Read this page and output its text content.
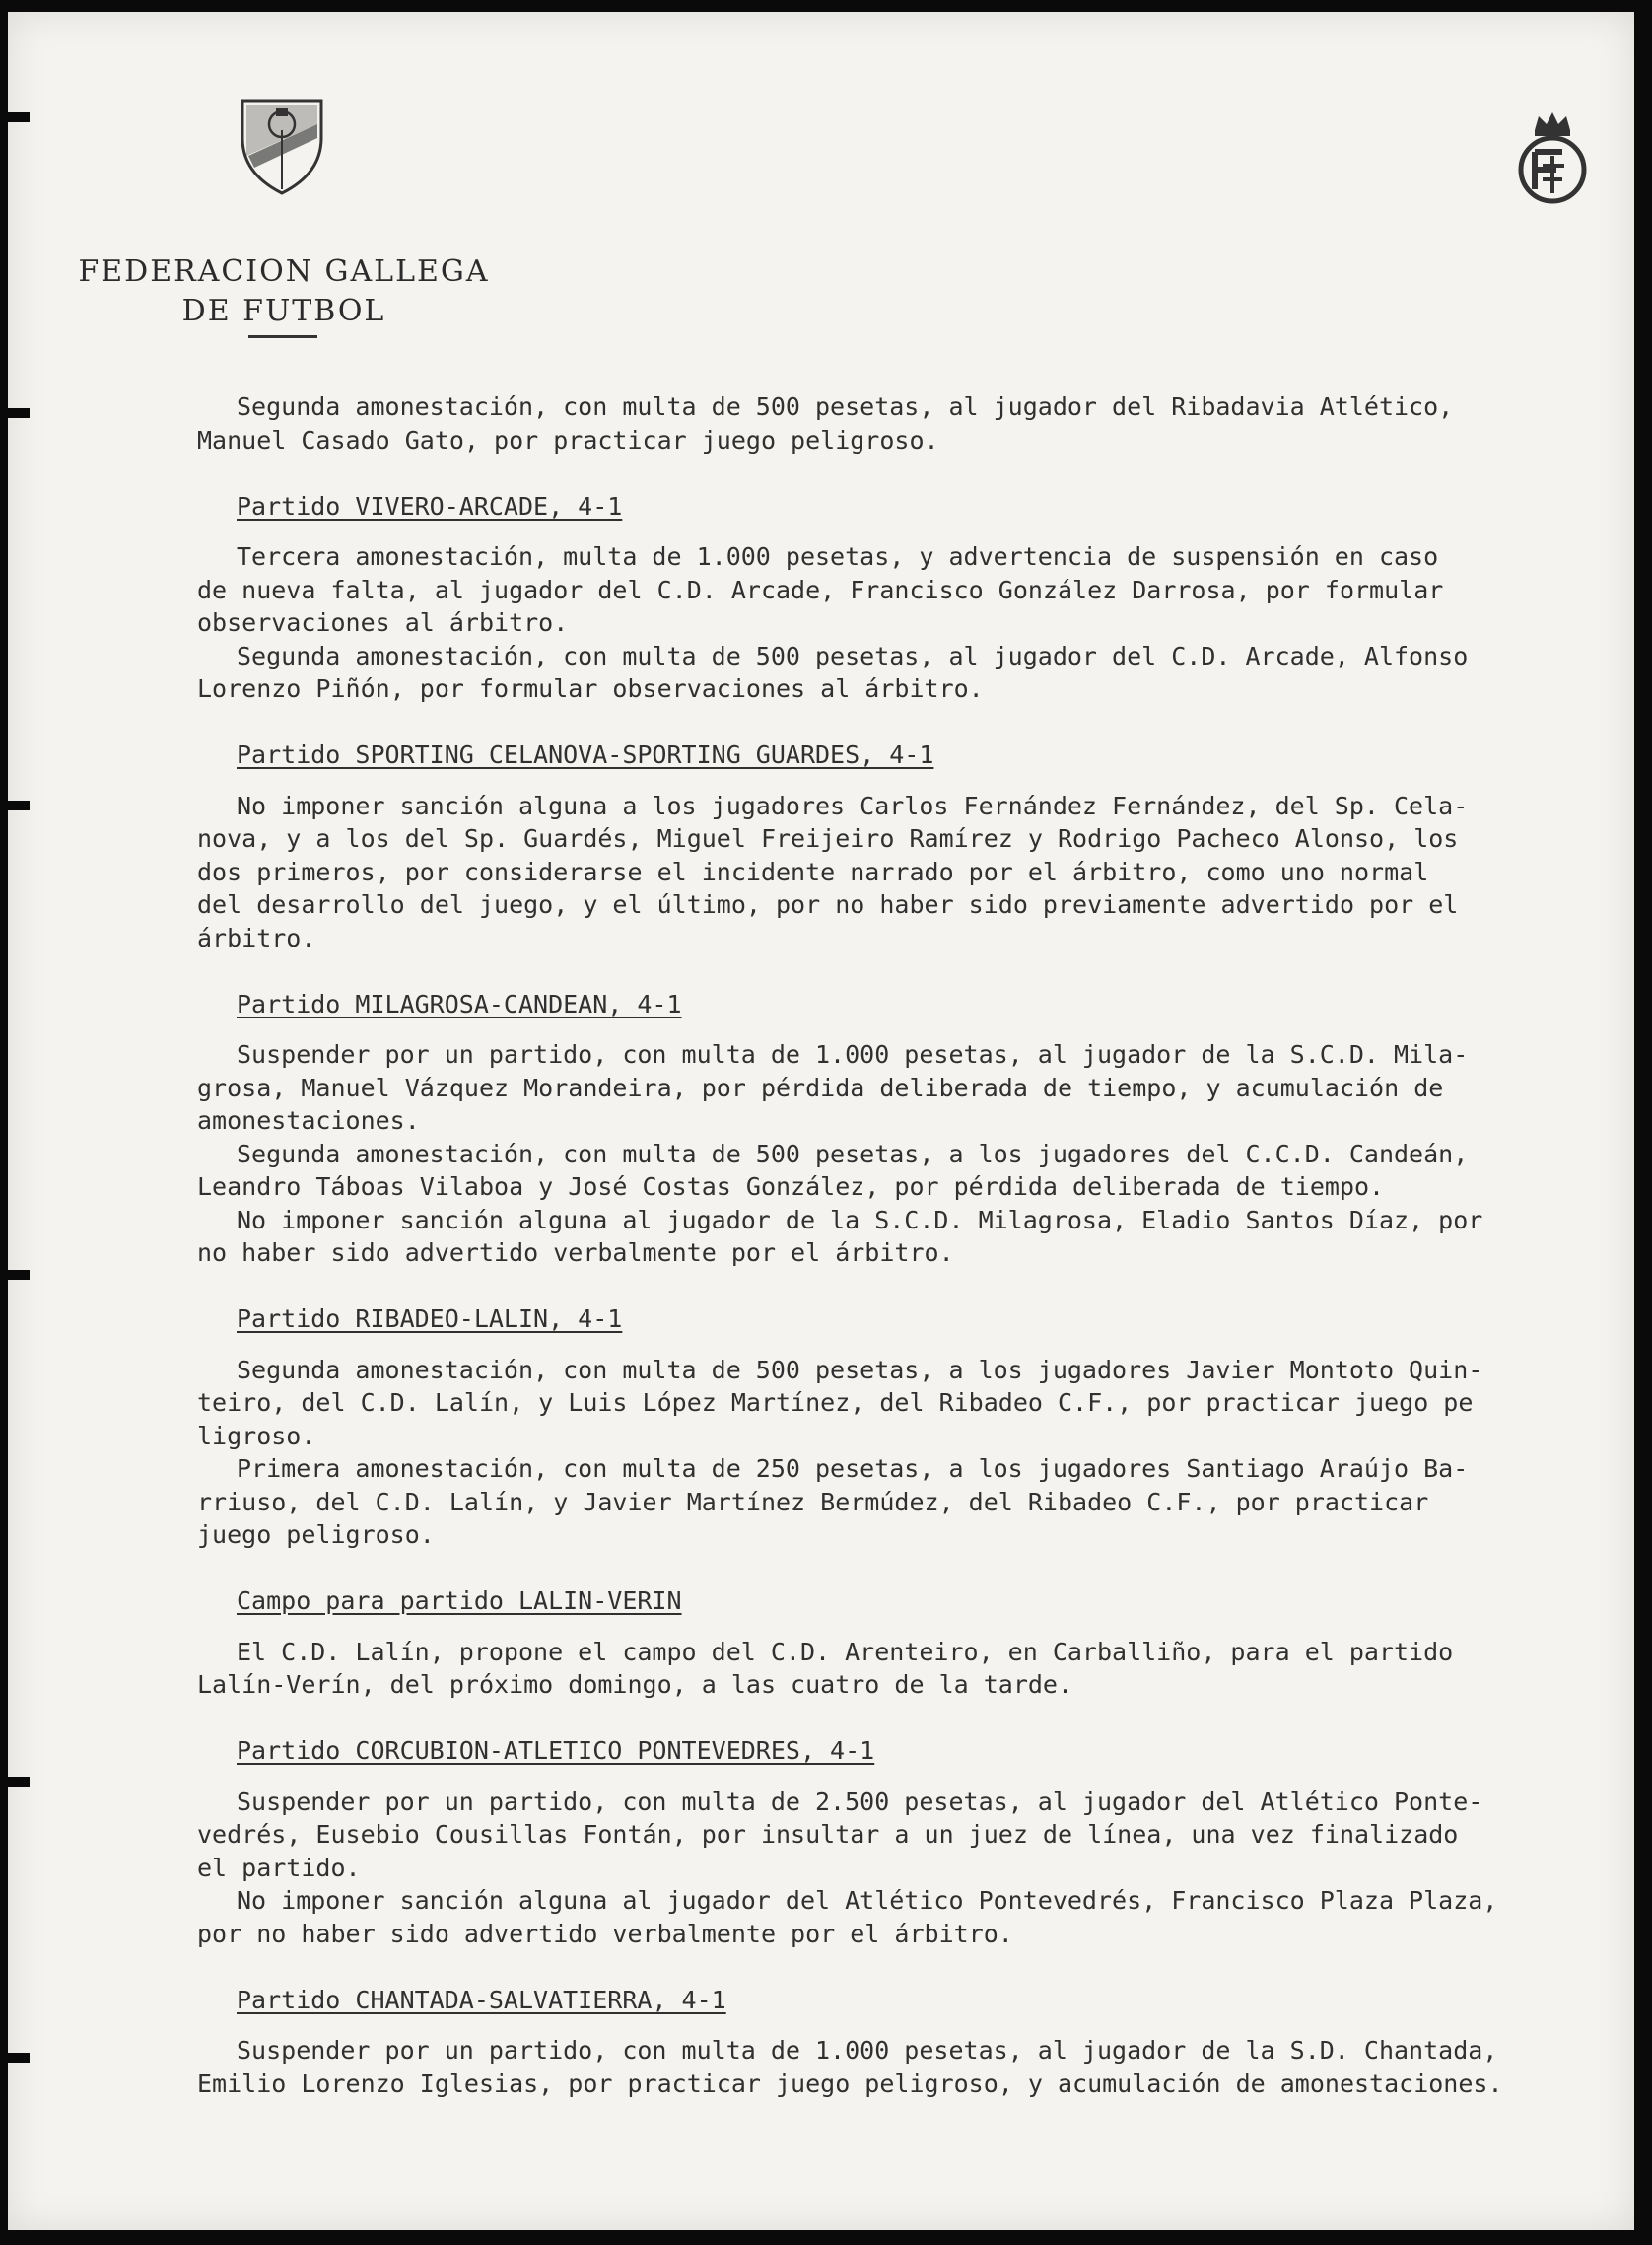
FEDERACION GALLEGA
DE FUTBOL
Segunda amonestación, con multa de 500 pesetas, al jugador del Ribadavia Atlético,
Manuel Casado Gato, por practicar juego peligroso.
Partido VIVERO-ARCADE, 4-1
Tercera amonestación, multa de 1.000 pesetas, y advertencia de suspensión en caso
de nueva falta, al jugador del C.D. Arcade, Francisco González Darrosa, por formular
observaciones al árbitro.
Segunda amonestación, con multa de 500 pesetas, al jugador del C.D. Arcade, Alfonso
Lorenzo Piñón, por formular observaciones al árbitro.
Partido SPORTING CELANOVA-SPORTING GUARDES, 4-1
No imponer sanción alguna a los jugadores Carlos Fernández Fernández, del Sp. Cela-
nova, y a los del Sp. Guardés, Miguel Freijeiro Ramírez y Rodrigo Pacheco Alonso, los
dos primeros, por considerarse el incidente narrado por el árbitro, como uno normal
del desarrollo del juego, y el último, por no haber sido previamente advertido por el
árbitro.
Partido MILAGROSA-CANDEAN, 4-1
Suspender por un partido, con multa de 1.000 pesetas, al jugador de la S.C.D. Mila-
grosa, Manuel Vázquez Morandeira, por pérdida deliberada de tiempo, y acumulación de
amonestaciones.
Segunda amonestación, con multa de 500 pesetas, a los jugadores del C.C.D. Candeán,
Leandro Táboas Vilaboa y José Costas González, por pérdida deliberada de tiempo.
No imponer sanción alguna al jugador de la S.C.D. Milagrosa, Eladio Santos Díaz, por
no haber sido advertido verbalmente por el árbitro.
Partido RIBADEO-LALIN, 4-1
Segunda amonestación, con multa de 500 pesetas, a los jugadores Javier Montoto Quin-
teiro, del C.D. Lalín, y Luis López Martínez, del Ribadeo C.F., por practicar juego pe
ligroso.
Primera amonestación, con multa de 250 pesetas, a los jugadores Santiago Araújo Ba-
rriuso, del C.D. Lalín, y Javier Martínez Bermúdez, del Ribadeo C.F., por practicar
juego peligroso.
Campo para partido LALIN-VERIN
El C.D. Lalín, propone el campo del C.D. Arenteiro, en Carballiño, para el partido
Lalín-Verín, del próximo domingo, a las cuatro de la tarde.
Partido CORCUBION-ATLETICO PONTEVEDRES, 4-1
Suspender por un partido, con multa de 2.500 pesetas, al jugador del Atlético Ponte-
vedrés, Eusebio Cousillas Fontán, por insultar a un juez de línea, una vez finalizado
el partido.
No imponer sanción alguna al jugador del Atlético Pontevedrés, Francisco Plaza Plaza,
por no haber sido advertido verbalmente por el árbitro.
Partido CHANTADA-SALVATIERRA, 4-1
Suspender por un partido, con multa de 1.000 pesetas, al jugador de la S.D. Chantada,
Emilio Lorenzo Iglesias, por practicar juego peligroso, y acumulación de amonestaciones.
